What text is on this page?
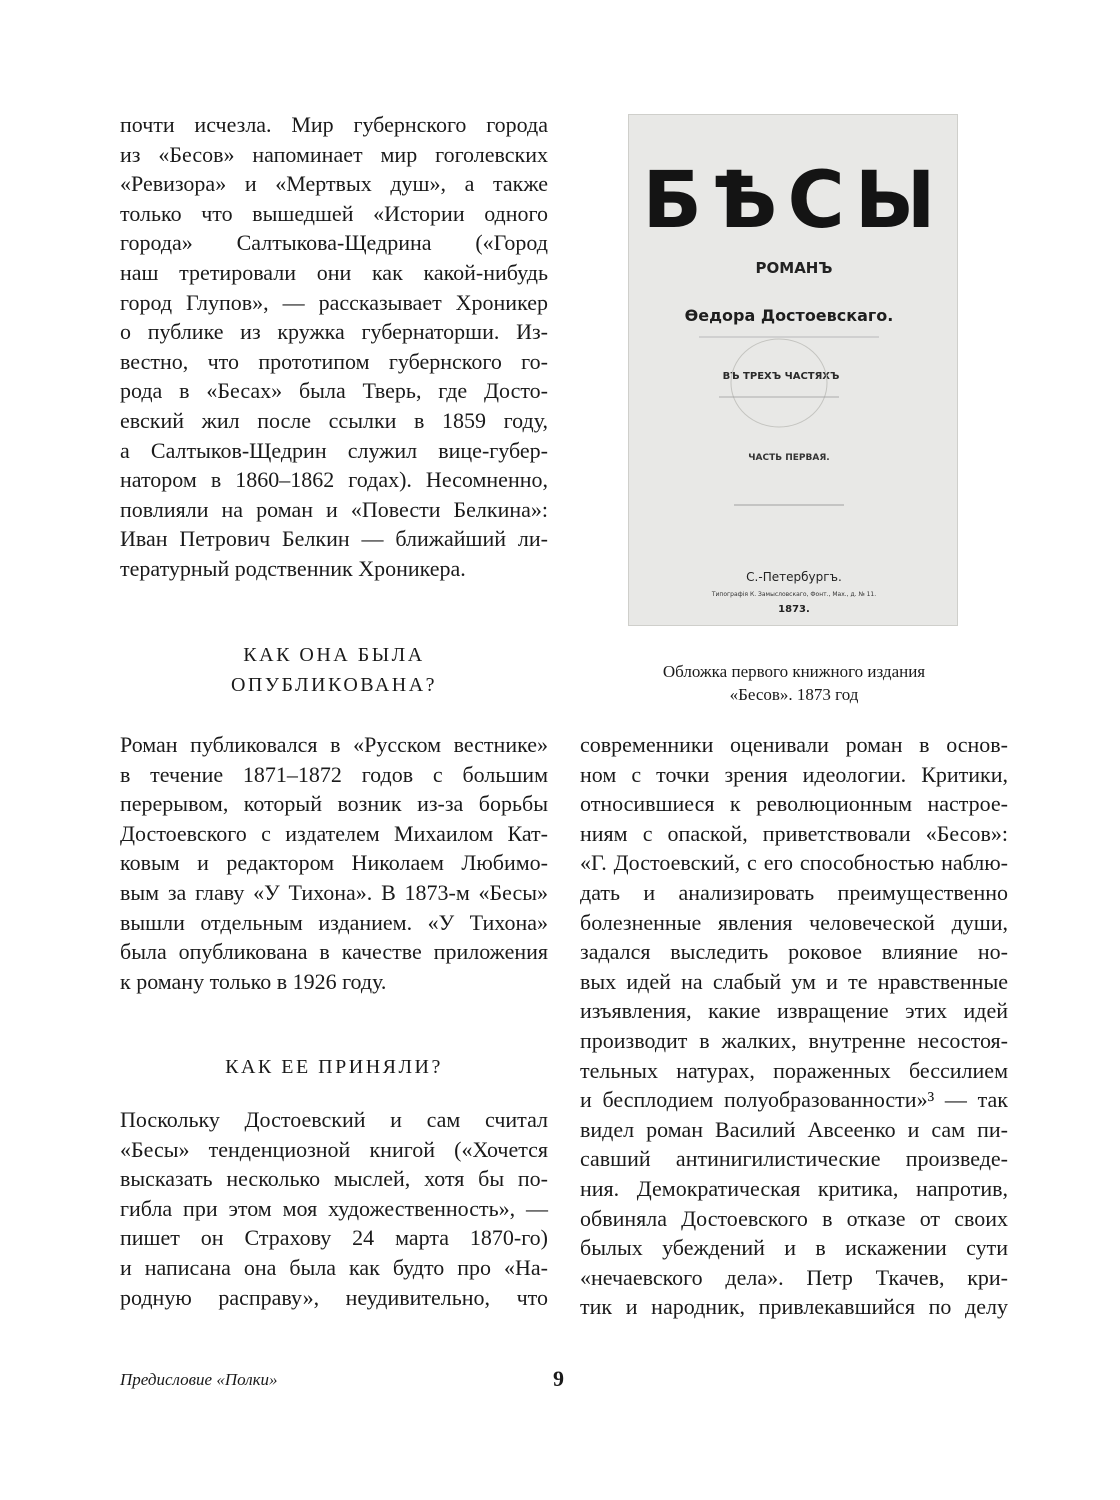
почти исчезла. Мир губернского города
из «Бесов» напоминает мир гоголевских
«Ревизора» и «Мертвых душ», а также
только что вышедшей «Истории одного
города» Салтыкова-Щедрина («Город
наш третировали они как какой-нибудь
город Глупов», — рассказывает Хроникер
о публике из кружка губернаторши. Из-
вестно, что прототипом губернского го-
рода в «Бесах» была Тверь, где Досто-
евский жил после ссылки в 1859 году,
а Салтыков-Щедрин служил вице-губер-
натором в 1860–1862 годах). Несомненно,
повлияли на роман и «Повести Белкина»:
Иван Петрович Белкин — ближайший ли-
тературный родственник Хроникера.

КАК ОНА БЫЛА
ОПУБЛИКОВАНА?

Роман публиковался в «Русском вестнике»
в течение 1871–1872 годов с большим
перерывом, который возник из-за борьбы
Достоевского с издателем Михаилом Кат-
ковым и редактором Николаем Любимо-
вым за главу «У Тихона». В 1873-м «Бесы»
вышли отдельным изданием. «У Тихона»
была опубликована в качестве приложения
к роману только в 1926 году.

КАК ЕЕ ПРИНЯЛИ?

Поскольку Достоевский и сам считал
«Бесы» тенденциозной книгой («Хочется
высказать несколько мыслей, хотя бы по-
гибла при этом моя художественность», —
пишет он Страхову 24 марта 1870-го)
и написана она была как будто про «На-
родную расправу», неудивительно, что

БѢСЫ
РОМАНЪ
Ѳедора Достоевскаго.
ВЪ ТРЕХЪ ЧАСТЯХЪ
ЧАСТЬ ПЕРВАЯ.
С.-Петербургъ.
Типографія К. Замысловскаго, Фонт., Мах., д. № 11.
1873.
Обложка первого книжного издания
«Бесов». 1873 год

современники оценивали роман в основ-
ном с точки зрения идеологии. Критики,
относившиеся к революционным настрое-
ниям с опаской, приветствовали «Бесов»:
«Г. Достоевский, с его способностью наблю-
дать и анализировать преимущественно
болезненные явления человеческой души,
задался выследить роковое влияние но-
вых идей на слабый ум и те нравственные
изъявления, какие извращение этих идей
производит в жалких, внутренне несостоя-
тельных натурах, пораженных бессилием
и бесплодием полуобразованности»³ — так
видел роман Василий Авсеенко и сам пи-
савший антинигилистические произведе-
ния. Демократическая критика, напротив,
обвиняла Достоевского в отказе от своих
былых убеждений и в искажении сути
«нечаевского дела». Петр Ткачев, кри-
тик и народник, привлекавшийся по делу

Предисловие «Полки»	9
